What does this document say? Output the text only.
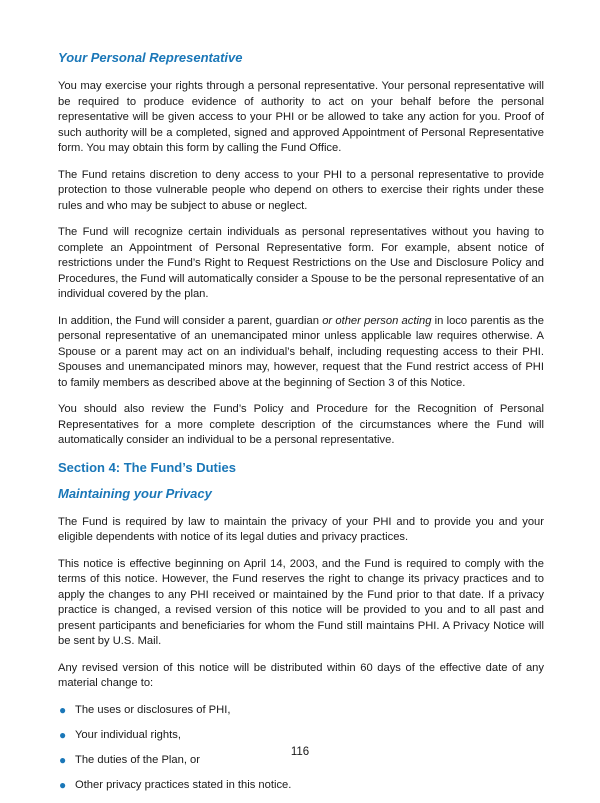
Your Personal Representative

You may exercise your rights through a personal representative. Your personal representative will be required to produce evidence of authority to act on your behalf before the personal representative will be given access to your PHI or be allowed to take any action for you. Proof of such authority will be a completed, signed and approved Appointment of Personal Representative form. You may obtain this form by calling the Fund Office.

The Fund retains discretion to deny access to your PHI to a personal representative to provide protection to those vulnerable people who depend on others to exercise their rights under these rules and who may be subject to abuse or neglect.

The Fund will recognize certain individuals as personal representatives without you having to complete an Appointment of Personal Representative form. For example, absent notice of restrictions under the Fund’s Right to Request Restrictions on the Use and Disclosure Policy and Procedures, the Fund will automatically consider a Spouse to be the personal representative of an individual covered by the plan.

In addition, the Fund will consider a parent, guardian or other person acting in loco parentis as the personal representative of an unemancipated minor unless applicable law requires otherwise. A Spouse or a parent may act on an individual’s behalf, including requesting access to their PHI. Spouses and unemancipated minors may, however, request that the Fund restrict access of PHI to family members as described above at the beginning of Section 3 of this Notice.

You should also review the Fund’s Policy and Procedure for the Recognition of Personal Representatives for a more complete description of the circumstances where the Fund will automatically consider an individual to be a personal representative.

Section 4: The Fund’s Duties
Maintaining your Privacy

The Fund is required by law to maintain the privacy of your PHI and to provide you and your eligible dependents with notice of its legal duties and privacy practices.

This notice is effective beginning on April 14, 2003, and the Fund is required to comply with the terms of this notice. However, the Fund reserves the right to change its privacy practices and to apply the changes to any PHI received or maintained by the Fund prior to that date. If a privacy practice is changed, a revised version of this notice will be provided to you and to all past and present participants and beneficiaries for whom the Fund still maintains PHI. A Privacy Notice will be sent by U.S. Mail.

Any revised version of this notice will be distributed within 60 days of the effective date of any material change to:

● The uses or disclosures of PHI,
● Your individual rights,
● The duties of the Plan, or
● Other privacy practices stated in this notice.
116
